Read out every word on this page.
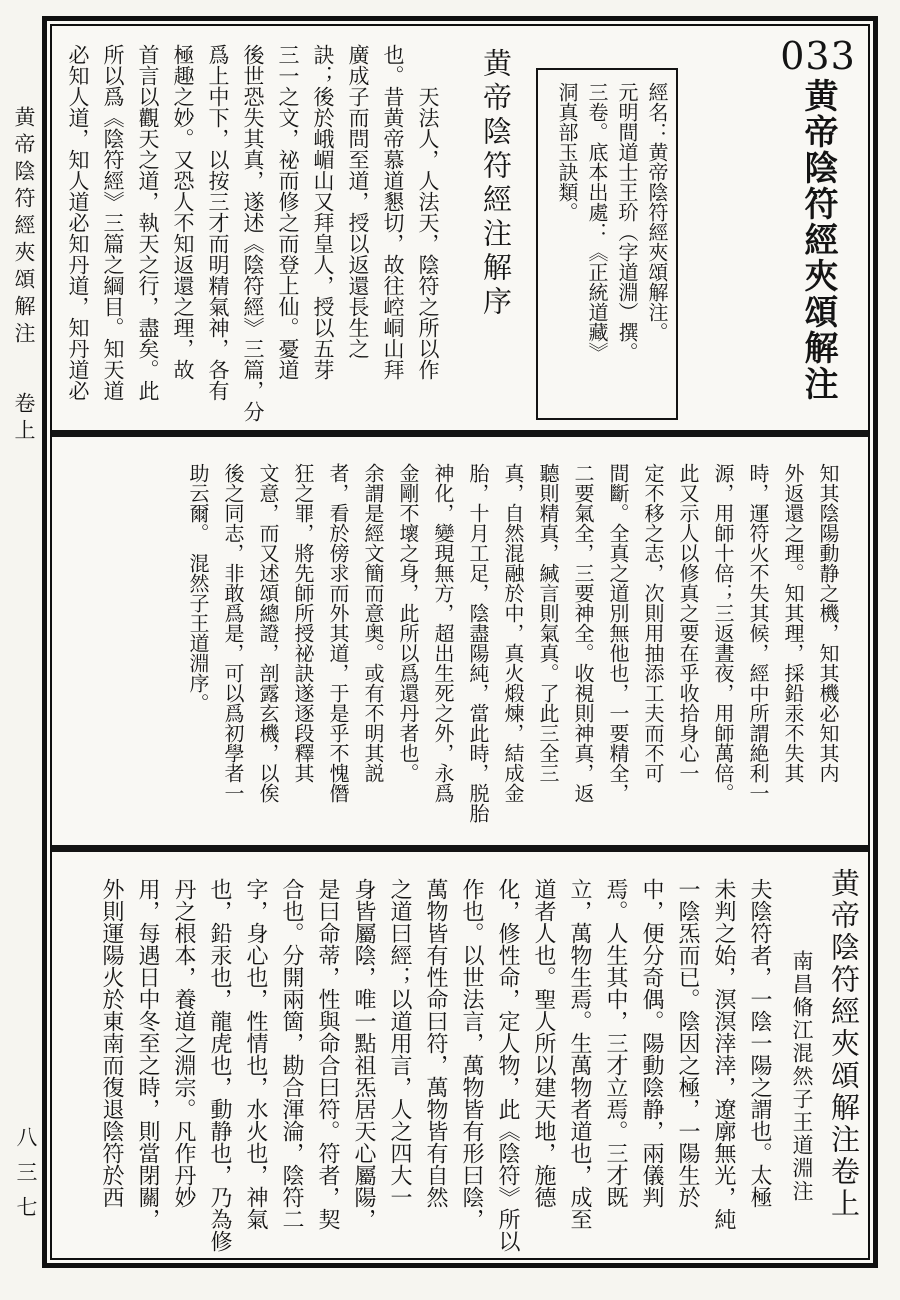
黄帝陰符經夾頌解注
卷上
八三七
033
黄帝陰符經夾頌解注
經名：黄帝陰符經夾頌解注。
元明間道士王玠（字道淵）撰。
三卷。底本出處：《正統道藏》
洞真部玉訣類。
黄帝陰符經注解序
　　天法人，人法天，陰符之所以作
也。昔黄帝慕道懇切，故往崆峒山拜
廣成子而問至道，授以返還長生之
訣；後於峨嵋山又拜皇人，授以五芽
三一之文，祕而修之而登上仙。憂道
後世恐失其真，遂述《陰符經》三篇，分
爲上中下，以按三才而明精氣神，各有
極趣之妙。又恐人不知返還之理，故
首言以觀天之道，執天之行，盡矣。此
所以爲《陰符經》三篇之綱目。知天道
必知人道，知人道必知丹道，知丹道必
知其陰陽動静之機，知其機必知其内
外返還之理。知其理，採鉛汞不失其
時，運符火不失其候，經中所謂絶利一
源，用師十倍；三返晝夜，用師萬倍。
此又示人以修真之要在乎收拾身心一
定不移之志，次則用抽添工夫而不可
間斷。全真之道別無他也，一要精全，
二要氣全，三要神全。收視則神真，返
聽則精真，緘言則氣真。了此三全三
真，自然混融於中，真火煅煉，結成金
胎，十月工足，陰盡陽純，當此時，脱胎
神化，變現無方，超出生死之外，永爲
金剛不壞之身，此所以爲還丹者也。
余謂是經文簡而意奥。或有不明其説
者，看於傍求而外其道，于是乎不愧僭
狂之罪，將先師所授祕訣遂逐段釋其
文意，而又述頌總證，剖露玄機，以俟
後之同志，非敢爲是，可以爲初學者一
助云爾。　混然子王道淵序。
黄帝陰符經夾頌解注卷上
南昌脩江混然子王道淵注
夫陰符者，一陰一陽之謂也。太極
未判之始，溟溟涬涬，遼廓無光，純
一陰炁而已。陰因之極，一陽生於
中，便分奇偶。陽動陰静，兩儀判
焉。人生其中，三才立焉。三才既
立，萬物生焉。生萬物者道也，成至
道者人也。聖人所以建天地，施德
化，修性命，定人物，此《陰符》所以
作也。以世法言，萬物皆有形曰陰，
萬物皆有性命曰符，萬物皆有自然
之道曰經；以道用言，人之四大一
身皆屬陰，唯一點祖炁居天心屬陽，
是曰命蒂，性與命合曰符。符者，契
合也。分開兩箇，勘合渾淪，陰符二
字，身心也，性情也，水火也，神氣
也，鉛汞也，龍虎也，動静也，乃為修
丹之根本，養道之淵宗。凡作丹妙
用，每遇日中冬至之時，則當閉關，
外則運陽火於東南而復退陰符於西
